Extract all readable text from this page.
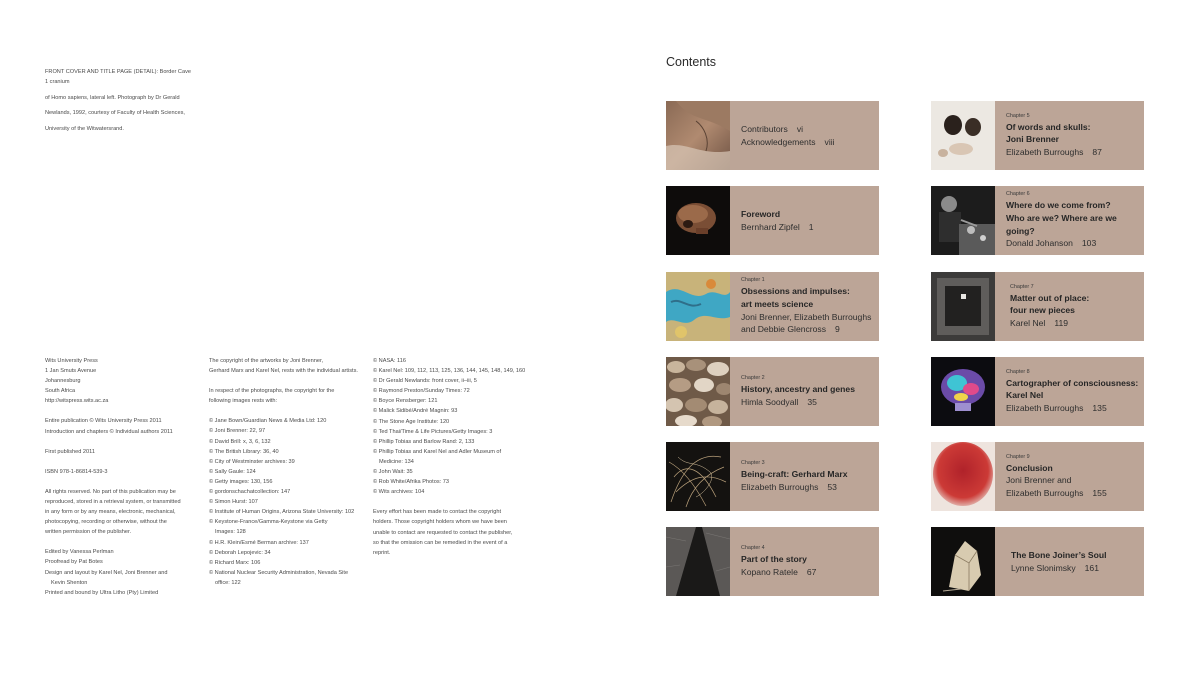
FRONT COVER AND TITLE PAGE (DETAIL): Border Cave 1 cranium

of Homo sapiens, lateral left. Photograph by Dr Gerald

Newlands, 1992, courtesy of Faculty of Health Sciences,

University of the Witwatersrand.

Wits University Press

1 Jan Smuts Avenue

Johannesburg

South Africa

http://witspress.wits.ac.za

Entire publication © Wits University Press 2011

Introduction and chapters © Individual authors 2011

First published 2011

ISBN 978-1-86814-539-3

All rights reserved. No part of this publication may be

reproduced, stored in a retrieval system, or transmitted

in any form or by any means, electronic, mechanical,

photocopying, recording or otherwise, without the

written permission of the publisher.

Edited by Vanessa Perlman

Proofread by Pat Botes

Design and layout by Karel Nel, Joni Brenner and

Kevin Shenton

Printed and bound by Ultra Litho (Pty) Limited

The copyright of the artworks by Joni Brenner,

Gerhard Marx and Karel Nel, rests with the individual artists.

In respect of the photographs, the copyright for the

following images rests with:

© Jane Bown/Guardian News & Media Ltd: 120

© Joni Brenner: 22, 97

© David Brill: x, 3, 6, 132

© The British Library: 36, 40

© City of Westminster archives: 39

© Sally Gaule: 124

© Getty images: 130, 156

© gordonschachatcollection: 147

© Simon Hurst: 107

© Institute of Human Origins, Arizona State University: 102

© Keystone-France/Gamma-Keystone via Getty

Images: 128

© H.R. Klein/Esmé Berman archive: 137

© Deborah Lepojevic: 34

© Richard Marx: 106

© National Nuclear Security Administration, Nevada Site

office: 122

© NASA: 116

© Karel Nel: 109, 112, 113, 125, 136, 144, 145, 148, 149, 160

© Dr Gerald Newlands: front cover, ii–iii, 5

© Raymond Preston/Sunday Times: 72

© Boyce Rensberger: 121

© Malick Sidibé/André Magnin: 93

© The Stone Age Institute: 120

© Ted Thai/Time & Life Pictures/Getty Images: 3

© Phillip Tobias and Barlow Rand: 2, 133

© Phillip Tobias and Karel Nel and Adler Museum of

Medicine: 134

© John Wait: 35

© Rob White/Afrika Photos: 73

© Wits archives: 104

Every effort has been made to contact the copyright

holders. Those copyright holders whom we have been

unable to contact are requested to contact the publisher,

so that the omission can be remedied in the event of a

reprint.

Contents
Contributors vi
Acknowledgements viii
Foreword
Bernhard Zipfel 1
Chapter 1
Obsessions and impulses:
art meets science
Joni Brenner, Elizabeth Burroughs
and Debbie Glencross 9
Chapter 2
History, ancestry and genes
Himla Soodyall 35
Chapter 3
Being-craft: Gerhard Marx
Elizabeth Burroughs 53
Chapter 4
Part of the story
Kopano Ratele 67
Chapter 5
Of words and skulls:
Joni Brenner
Elizabeth Burroughs 87
Chapter 6
Where do we come from?
Who are we? Where are we going?
Donald Johanson 103
Chapter 7
Matter out of place:
four new pieces
Karel Nel 119
Chapter 8
Cartographer of consciousness:
Karel Nel
Elizabeth Burroughs 135
Chapter 9
Conclusion
Joni Brenner and
Elizabeth Burroughs 155
The Bone Joiner’s Soul
Lynne Slonimsky 161
